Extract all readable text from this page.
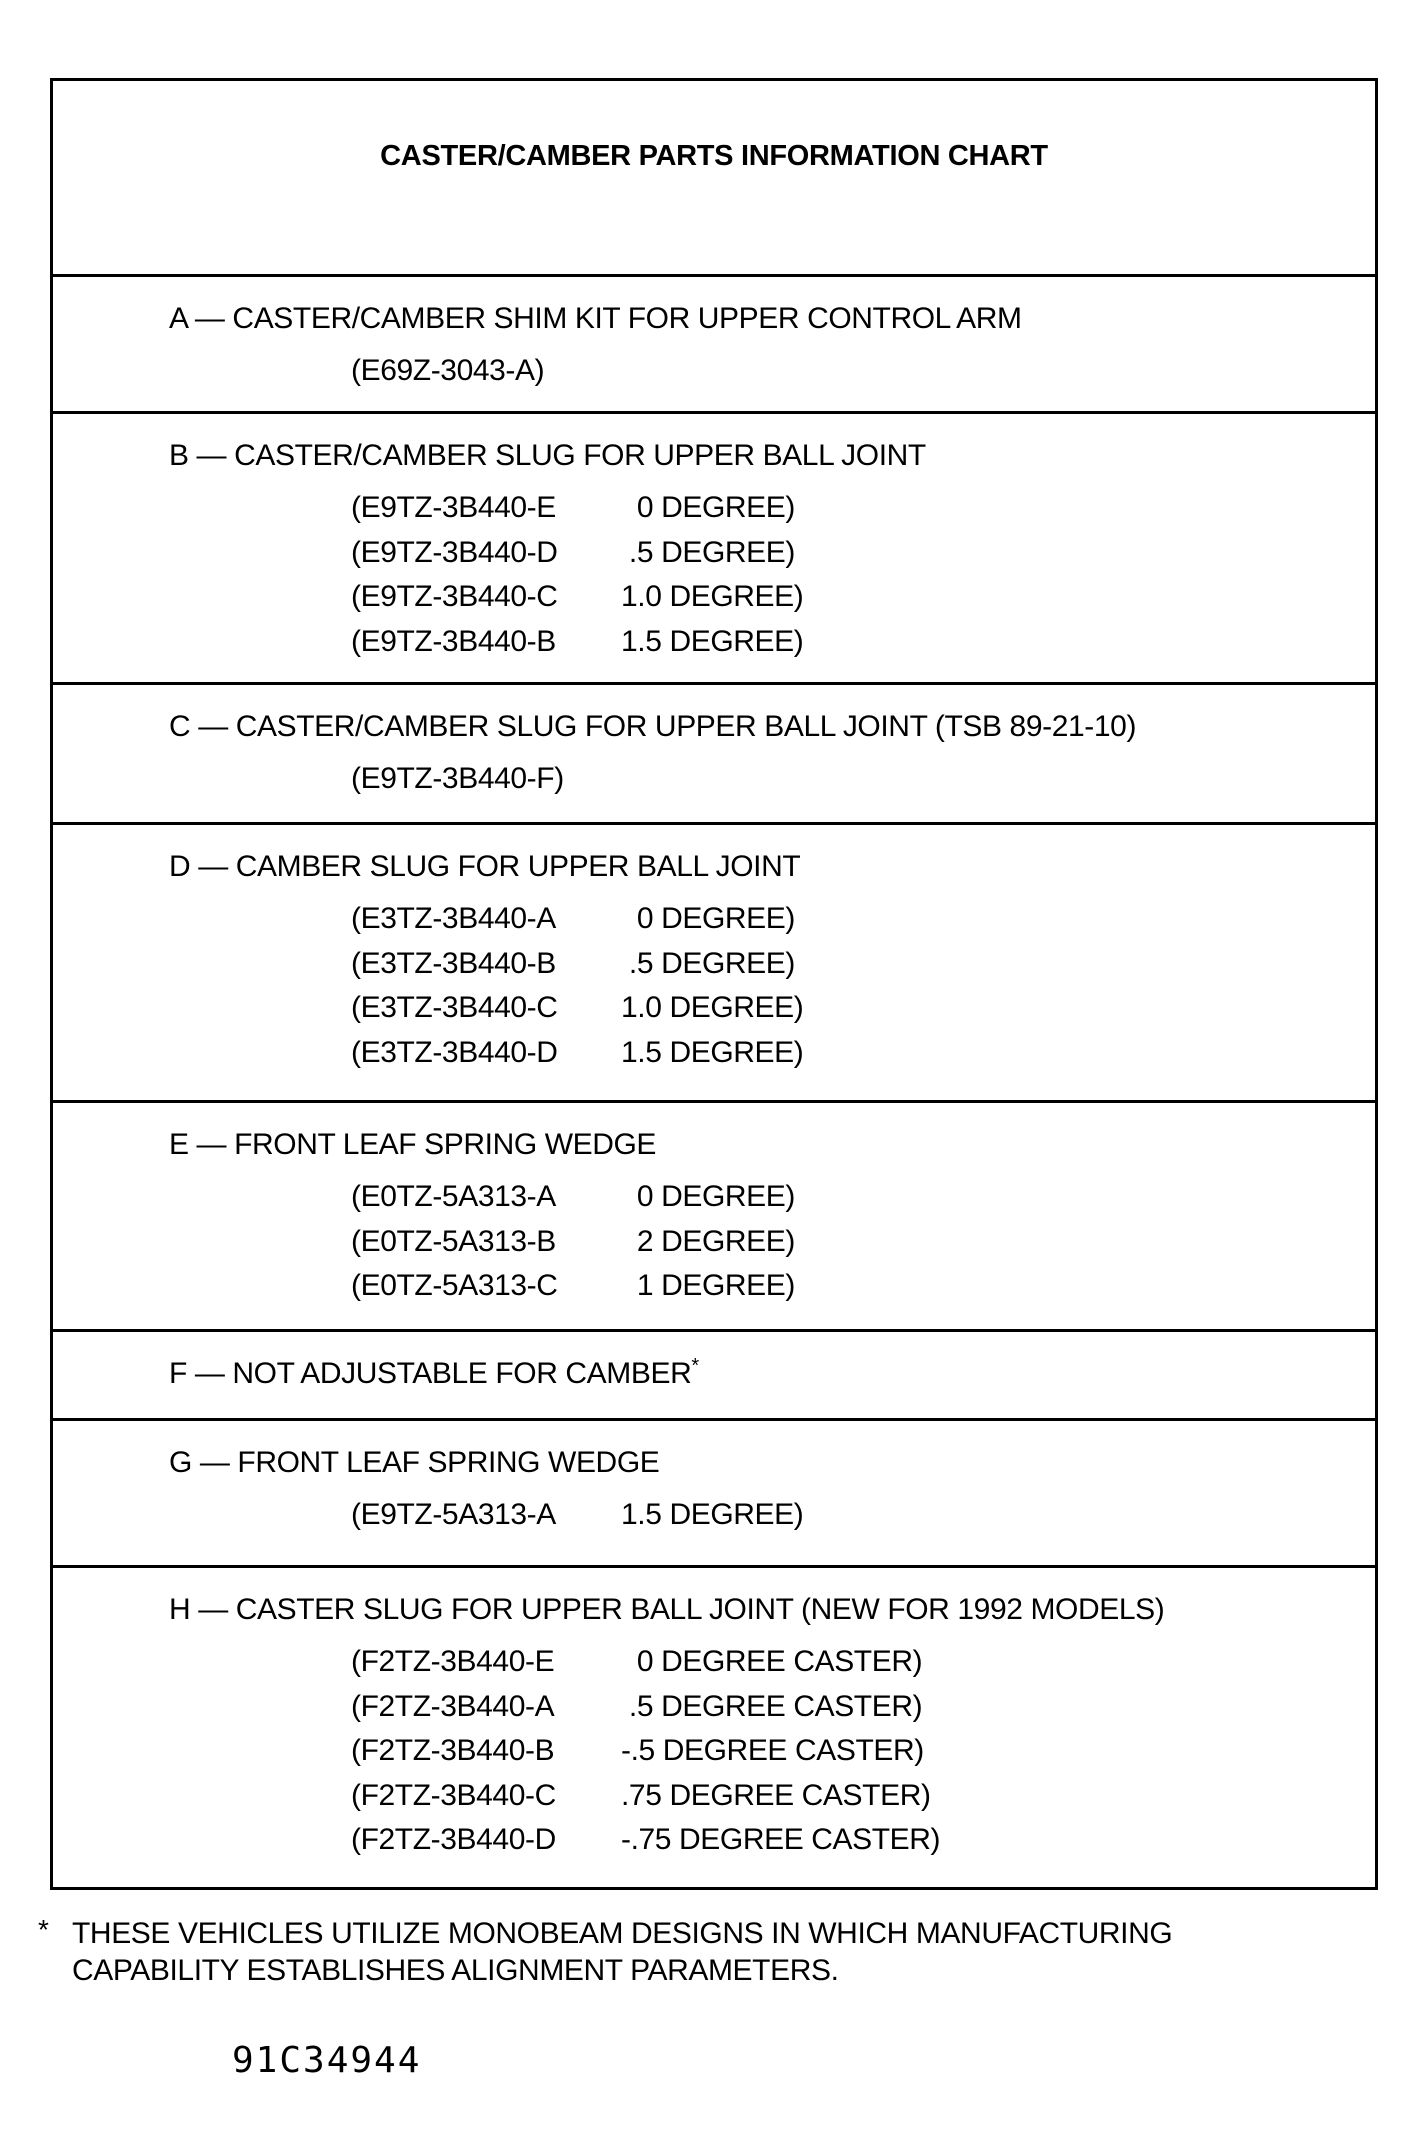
CASTER/CAMBER PARTS INFORMATION CHART
A — CASTER/CAMBER SHIM KIT FOR UPPER CONTROL ARM
(E69Z-3043-A)
B — CASTER/CAMBER SLUG FOR UPPER BALL JOINT
(E9TZ-3B440-E	0 DEGREE)
(E9TZ-3B440-D	.5 DEGREE)
(E9TZ-3B440-C	1.0 DEGREE)
(E9TZ-3B440-B	1.5 DEGREE)
C — CASTER/CAMBER SLUG FOR UPPER BALL JOINT (TSB 89-21-10)
(E9TZ-3B440-F)
D — CAMBER SLUG FOR UPPER BALL JOINT
(E3TZ-3B440-A	0 DEGREE)
(E3TZ-3B440-B	.5 DEGREE)
(E3TZ-3B440-C	1.0 DEGREE)
(E3TZ-3B440-D	1.5 DEGREE)
E — FRONT LEAF SPRING WEDGE
(E0TZ-5A313-A	0 DEGREE)
(E0TZ-5A313-B	2 DEGREE)
(E0TZ-5A313-C	1 DEGREE)
F — NOT ADJUSTABLE FOR CAMBER*
G — FRONT LEAF SPRING WEDGE
(E9TZ-5A313-A	1.5 DEGREE)
H — CASTER SLUG FOR UPPER BALL JOINT (NEW FOR 1992 MODELS)
(F2TZ-3B440-E	0 DEGREE CASTER)
(F2TZ-3B440-A	.5 DEGREE CASTER)
(F2TZ-3B440-B	-.5 DEGREE CASTER)
(F2TZ-3B440-C	.75 DEGREE CASTER)
(F2TZ-3B440-D	-.75 DEGREE CASTER)
* THESE VEHICLES UTILIZE MONOBEAM DESIGNS IN WHICH MANUFACTURING
CAPABILITY ESTABLISHES ALIGNMENT PARAMETERS.
91C34944
